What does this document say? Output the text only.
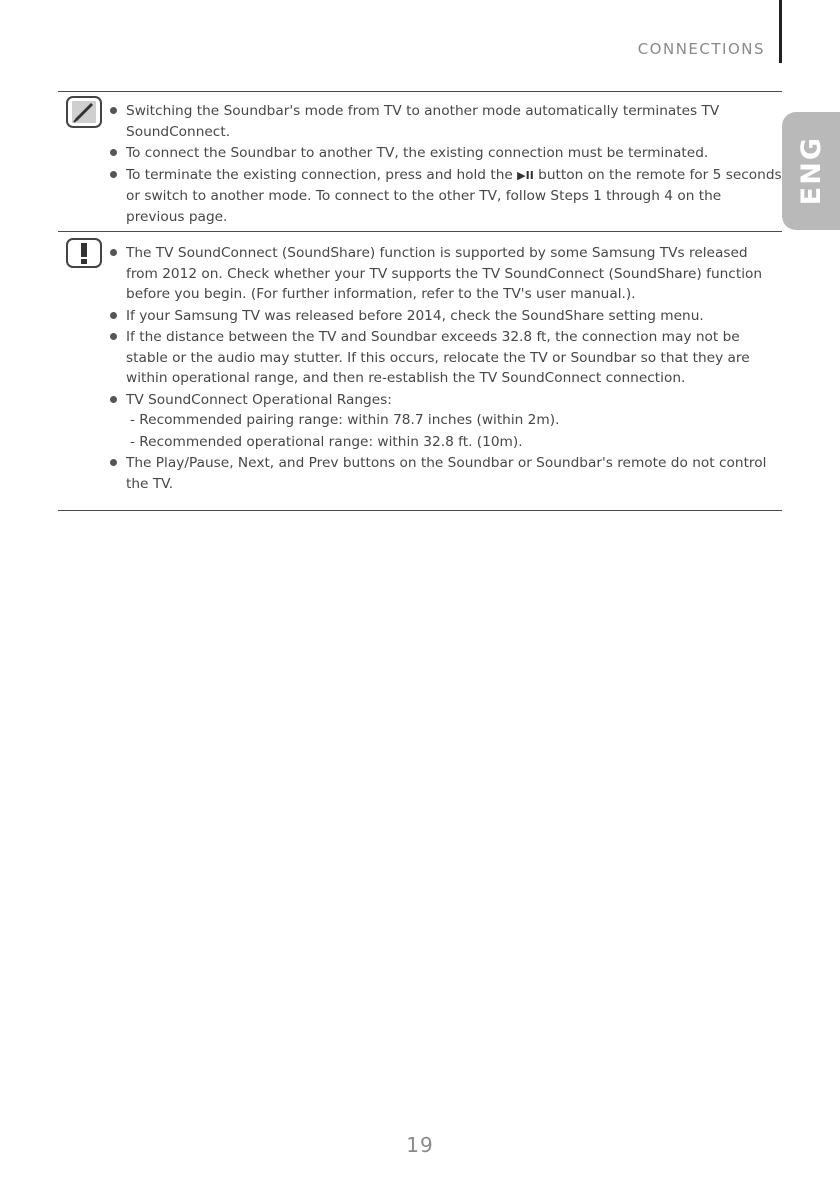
CONNECTIONS
ENG
Switching the Soundbar's mode from TV to another mode automatically terminates TV SoundConnect.
To connect the Soundbar to another TV, the existing connection must be terminated.
To terminate the existing connection, press and hold the ▶II button on the remote for 5 seconds or switch to another mode. To connect to the other TV, follow Steps 1 through 4 on the previous page.
The TV SoundConnect (SoundShare) function is supported by some Samsung TVs released from 2012 on. Check whether your TV supports the TV SoundConnect (SoundShare) function before you begin. (For further information, refer to the TV's user manual.).
If your Samsung TV was released before 2014, check the SoundShare setting menu.
If the distance between the TV and Soundbar exceeds 32.8 ft, the connection may not be stable or the audio may stutter. If this occurs, relocate the TV or Soundbar so that they are within operational range, and then re-establish the TV SoundConnect connection.
TV SoundConnect Operational Ranges:
- Recommended pairing range: within 78.7 inches (within 2m).
- Recommended operational range: within 32.8 ft. (10m).
The Play/Pause, Next, and Prev buttons on the Soundbar or Soundbar's remote do not control the TV.
19
